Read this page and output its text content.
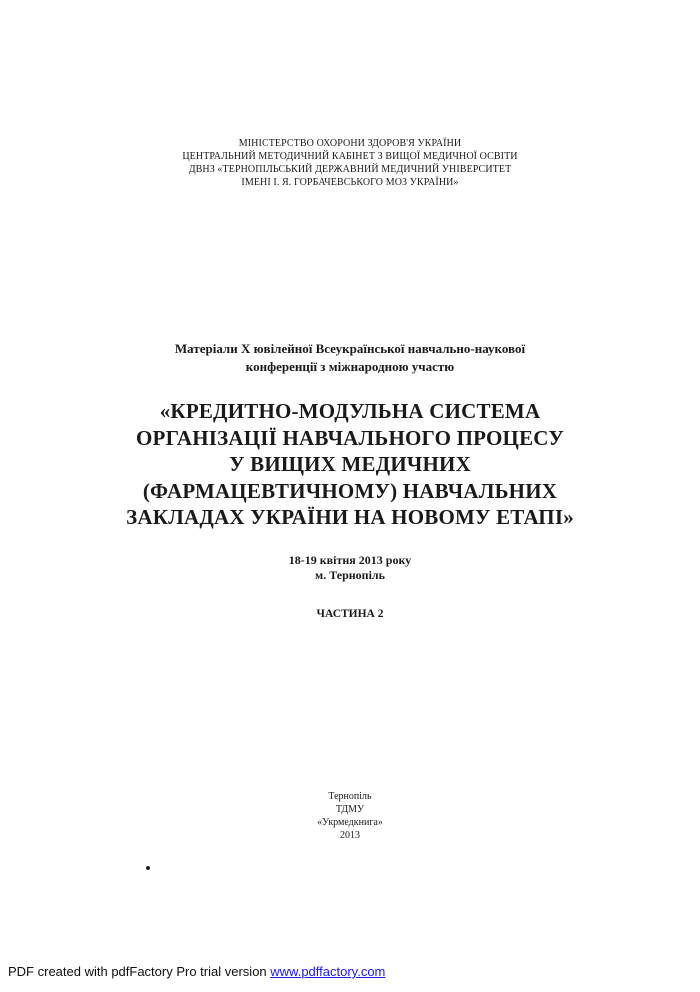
МІНІСТЕРСТВО ОХОРОНИ ЗДОРОВ'Я УКРАЇНИ
ЦЕНТРАЛЬНИЙ МЕТОДИЧНИЙ КАБІНЕТ З ВИЩОЇ МЕДИЧНОЇ ОСВІТИ
ДВНЗ «ТЕРНОПІЛЬСЬКИЙ ДЕРЖАВНИЙ МЕДИЧНИЙ УНІВЕРСИТЕТ
ІМЕНІ І. Я. ГОРБАЧЕВСЬКОГО МОЗ УКРАЇНИ»
Матеріали Х ювілейної Всеукраїнської навчально-наукової
конференції з міжнародною участю
«КРЕДИТНО-МОДУЛЬНА СИСТЕМА
ОРГАНІЗАЦІЇ НАВЧАЛЬНОГО ПРОЦЕСУ
У ВИЩИХ МЕДИЧНИХ
(ФАРМАЦЕВТИЧНОМУ) НАВЧАЛЬНИХ
ЗАКЛАДАХ УКРАЇНИ НА НОВОМУ ЕТАПІ»
18-19 квітня 2013 року
м. Тернопіль
ЧАСТИНА 2
Тернопіль
ТДМУ
«Укрмедкнига»
2013
PDF created with pdfFactory Pro trial version www.pdffactory.com
